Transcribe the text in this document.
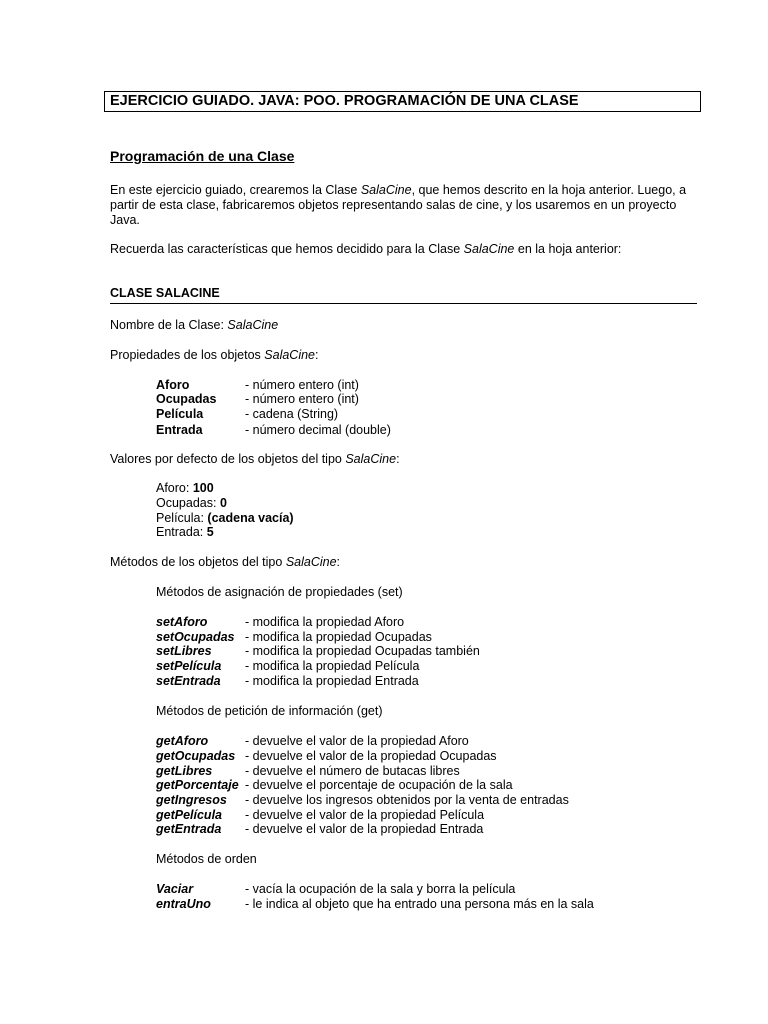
EJERCICIO GUIADO. JAVA: POO. PROGRAMACIÓN DE UNA CLASE
Programación de una Clase
En este ejercicio guiado, crearemos la Clase SalaCine, que hemos descrito en la hoja anterior. Luego, a partir de esta clase, fabricaremos objetos representando salas de cine, y los usaremos en un proyecto Java.
Recuerda las características que hemos decidido para la Clase SalaCine en la hoja anterior:
CLASE SALACINE
Nombre de la Clase: SalaCine
Propiedades de los objetos SalaCine:
Aforo	- número entero (int)
Ocupadas - número entero (int)
Película	- cadena (String)
Entrada	- número decimal (double)
Valores por defecto de los objetos del tipo SalaCine:
Aforo: 100
Ocupadas: 0
Película: (cadena vacía)
Entrada: 5
Métodos de los objetos del tipo SalaCine:
Métodos de asignación de propiedades (set)
setAforo	- modifica la propiedad Aforo
setOcupadas - modifica la propiedad Ocupadas
setLibres	- modifica la propiedad Ocupadas también
setPelícula - modifica la propiedad Película
setEntrada - modifica la propiedad Entrada
Métodos de petición de información (get)
getAforo	- devuelve el valor de la propiedad Aforo
getOcupadas - devuelve el valor de la propiedad Ocupadas
getLibres	- devuelve el número de butacas libres
getPorcentaje - devuelve el porcentaje de ocupación de la sala
getIngresos - devuelve los ingresos obtenidos por la venta de entradas
getPelícula - devuelve el valor de la propiedad Película
getEntrada - devuelve el valor de la propiedad Entrada
Métodos de orden
Vaciar	- vacía la ocupación de la sala y borra la película
entraUno	- le indica al objeto que ha entrado una persona más en la sala
